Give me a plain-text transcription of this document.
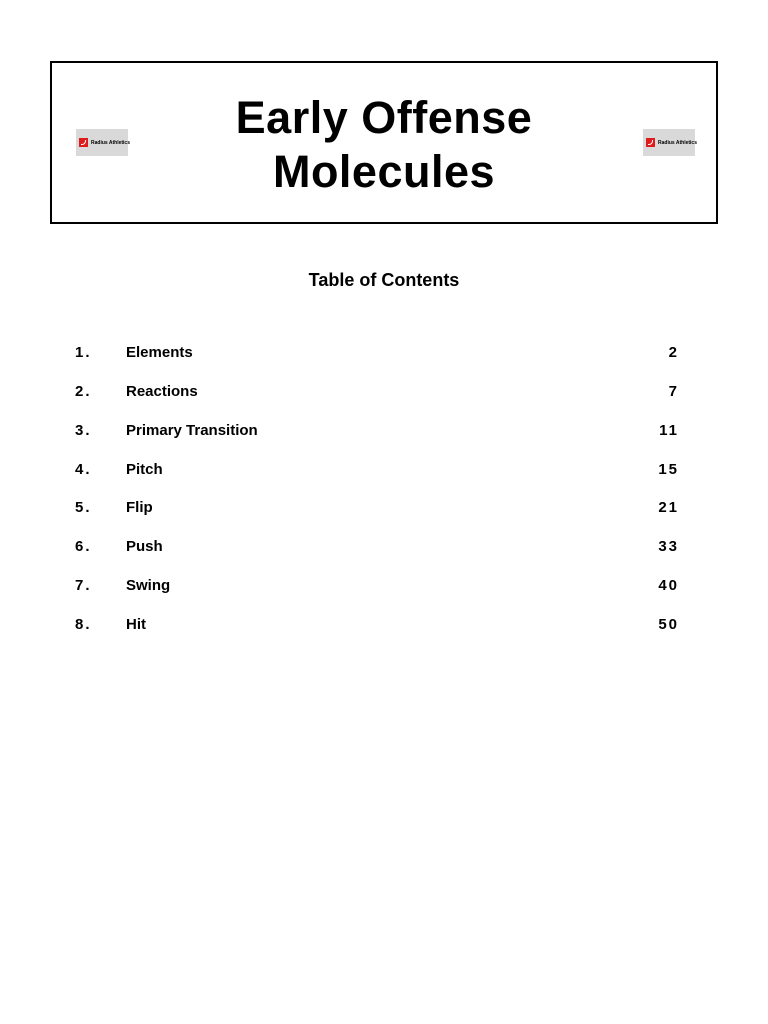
Radius Athletics	Early Offense
Molecules
Radius Athletics
Table of Contents
1. Elements	2
2. Reactions	7
3. Primary Transition	11
4. Pitch	15
5. Flip	21
6. Push	33
7. Swing	40
8. Hit	50
